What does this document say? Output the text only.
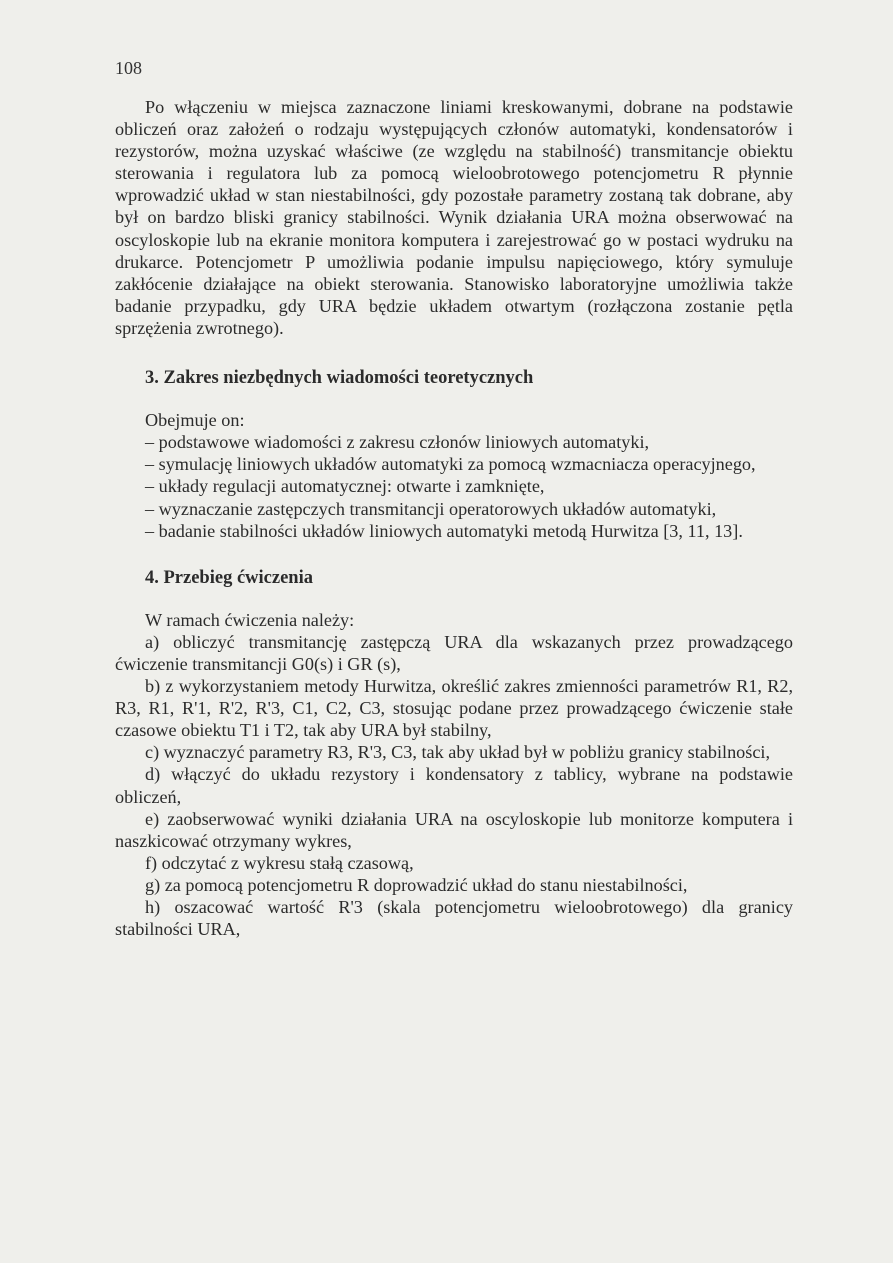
108

Po włączeniu w miejsca zaznaczone liniami kreskowanymi, dobrane na podstawie obliczeń oraz założeń o rodzaju występujących członów automatyki, kondensatorów i rezystorów, można uzyskać właściwe (ze względu na stabilność) transmitancje obiektu sterowania i regulatora lub za pomocą wieloobrotowego potencjometru R płynnie wprowadzić układ w stan niestabilności, gdy pozostałe parametry zostaną tak dobrane, aby był on bardzo bliski granicy stabilności. Wynik działania URA można obserwować na oscyloskopie lub na ekranie monitora komputera i zarejestrować go w postaci wydruku na drukarce. Potencjometr P umożliwia podanie impulsu napięciowego, który symuluje zakłócenie działające na obiekt sterowania. Stanowisko laboratoryjne umożliwia także badanie przypadku, gdy URA będzie układem otwartym (rozłączona zostanie pętla sprzężenia zwrotnego).

3. Zakres niezbędnych wiadomości teoretycznych

Obejmuje on:

– podstawowe wiadomości z zakresu członów liniowych automatyki,

– symulację liniowych układów automatyki za pomocą wzmacniacza operacyjnego,

– układy regulacji automatycznej: otwarte i zamknięte,

– wyznaczanie zastępczych transmitancji operatorowych układów automatyki,

– badanie stabilności układów liniowych automatyki metodą Hurwitza [3, 11, 13].

4. Przebieg ćwiczenia

W ramach ćwiczenia należy:

a) obliczyć transmitancję zastępczą URA dla wskazanych przez prowadzącego ćwiczenie transmitancji G0(s) i GR (s),

b) z wykorzystaniem metody Hurwitza, określić zakres zmienności parametrów R1, R2, R3, R1, R'1, R'2, R'3, C1, C2, C3, stosując podane przez prowadzącego ćwiczenie stałe czasowe obiektu T1 i T2, tak aby URA był stabilny,

c) wyznaczyć parametry R3, R'3, C3, tak aby układ był w pobliżu granicy stabilności,

d) włączyć do układu rezystory i kondensatory z tablicy, wybrane na podstawie obliczeń,

e) zaobserwować wyniki działania URA na oscyloskopie lub monitorze komputera i naszkicować otrzymany wykres,

f) odczytać z wykresu stałą czasową,

g) za pomocą potencjometru R doprowadzić układ do stanu niestabilności,

h) oszacować wartość R'3 (skala potencjometru wieloobrotowego) dla granicy stabilności URA,
